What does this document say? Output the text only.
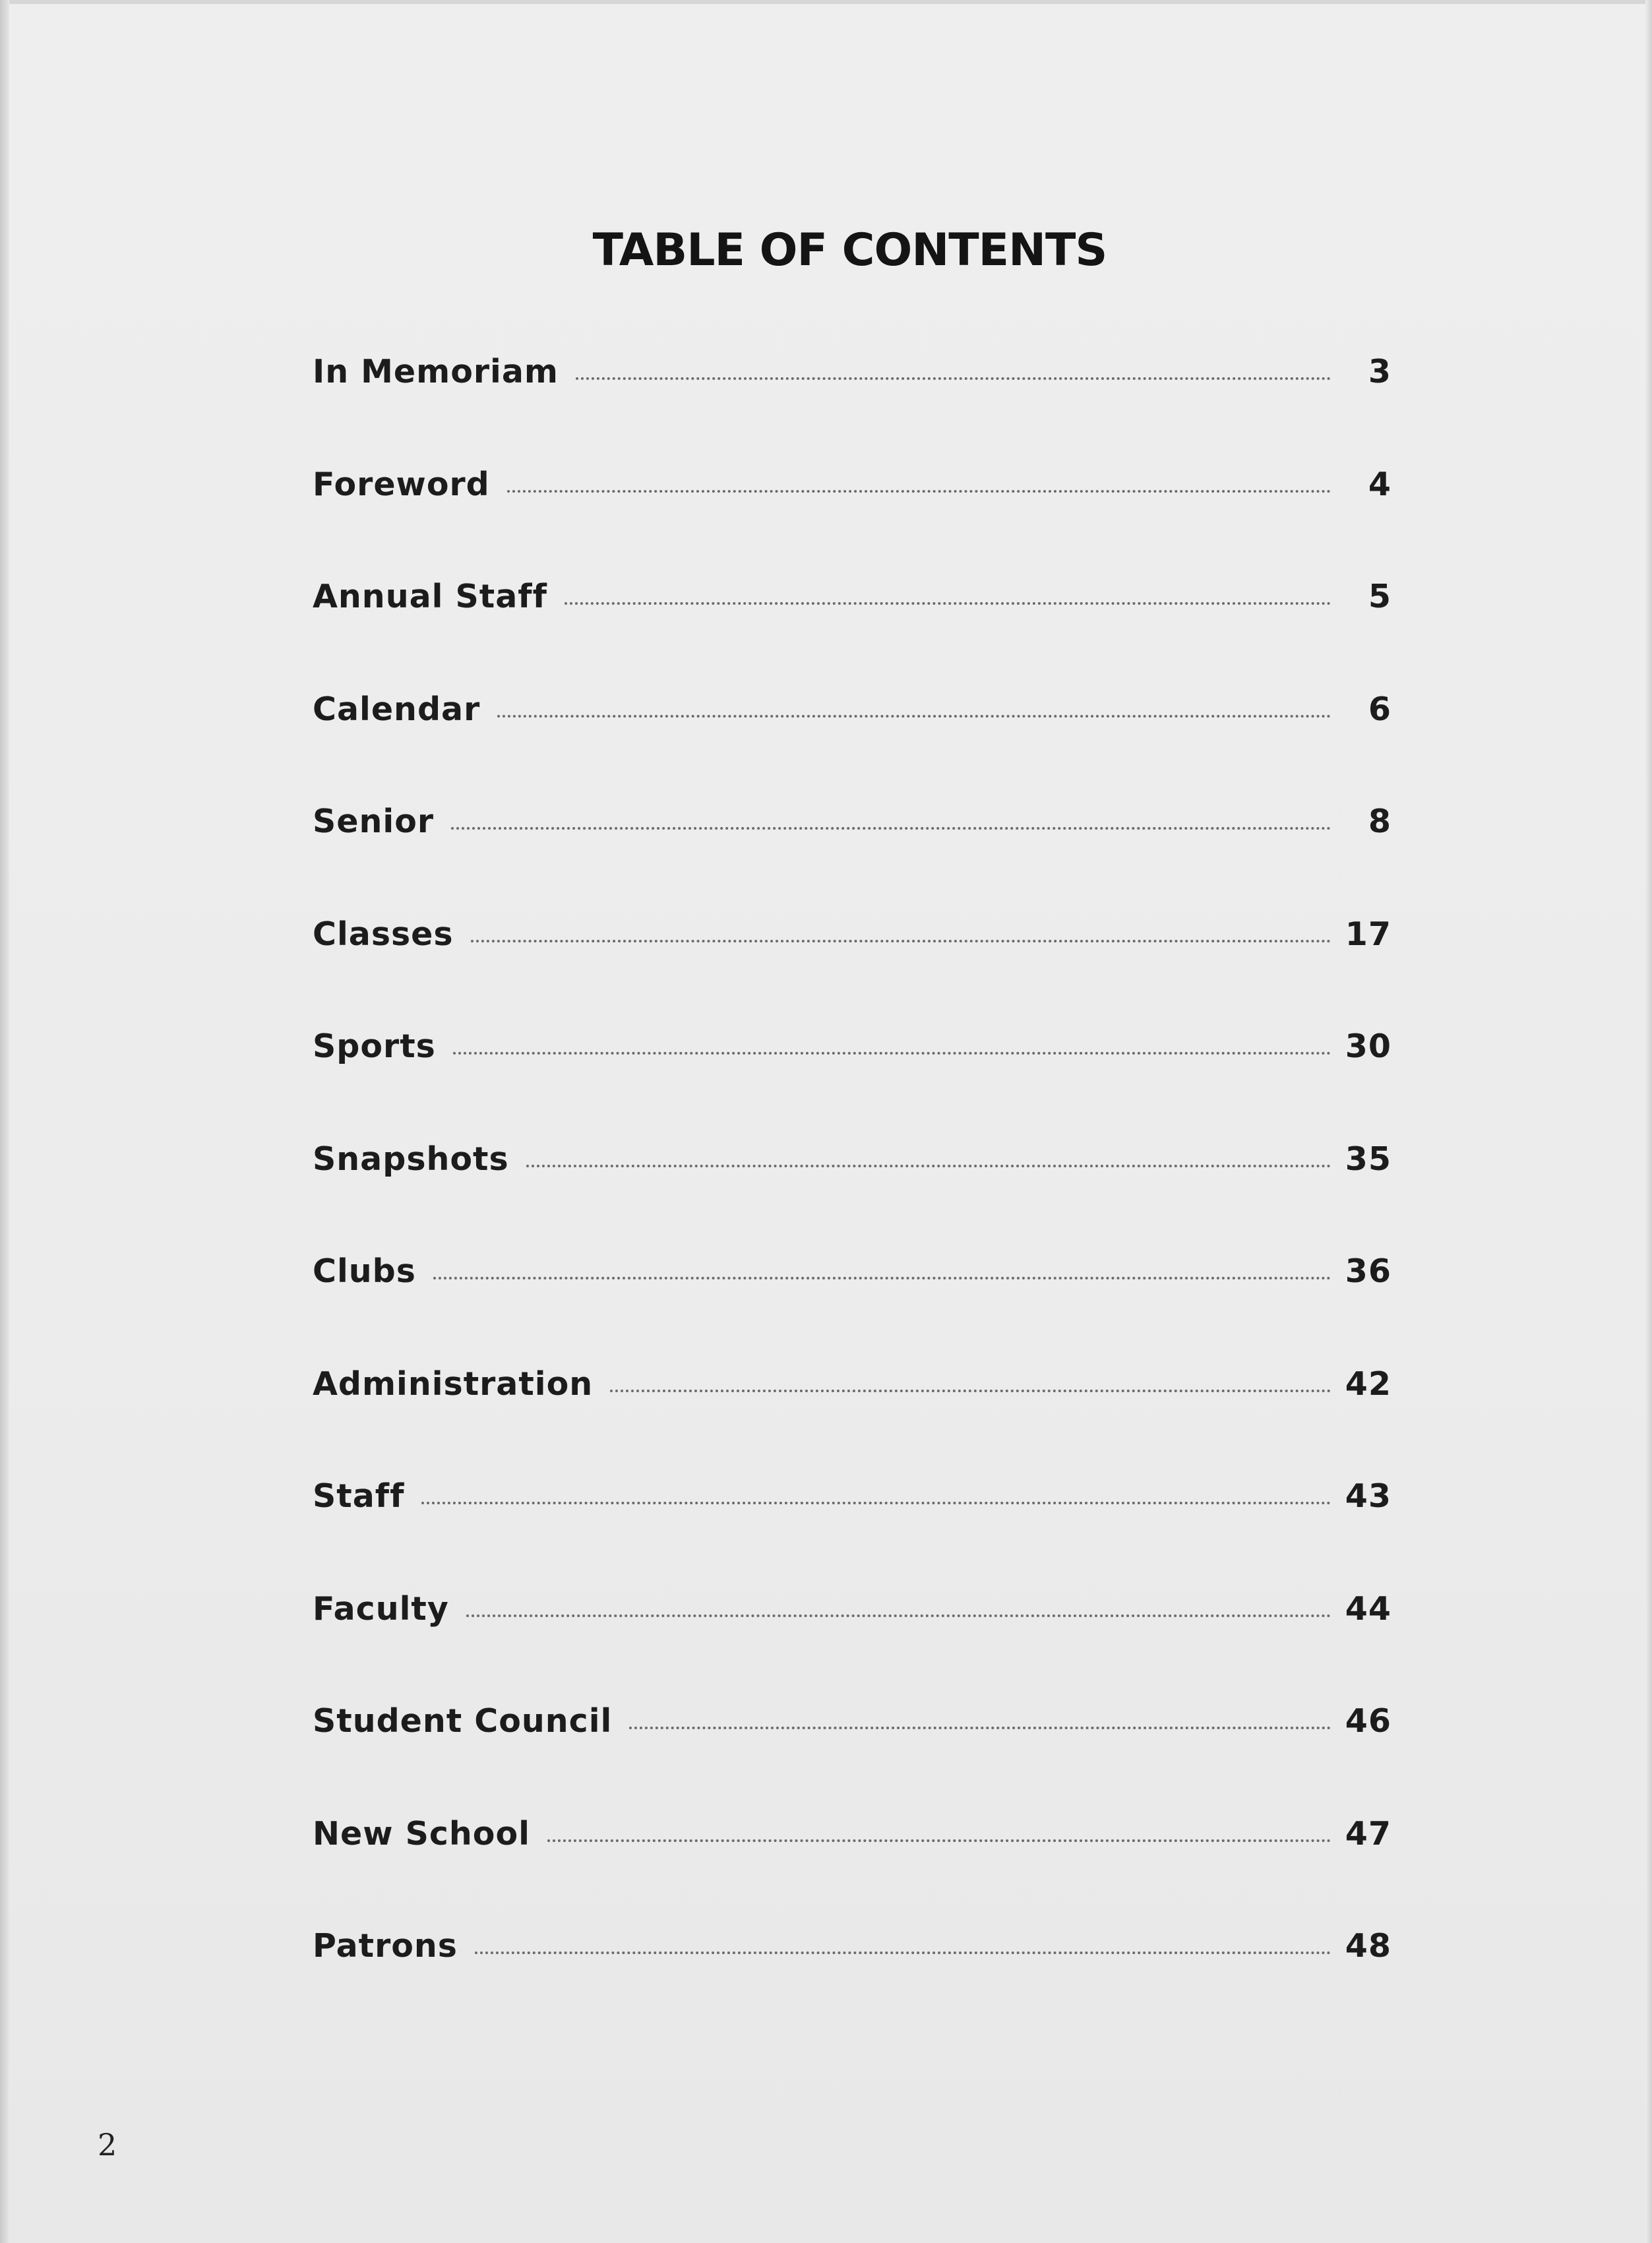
TABLE OF CONTENTS
In Memoriam	3
Foreword	4
Annual Staff	5
Calendar	6
Senior	8
Classes	17
Sports	30
Snapshots	35
Clubs	36
Administration	42
Staff	43
Faculty	44
Student Council	46
New School	47
Patrons	48
2
